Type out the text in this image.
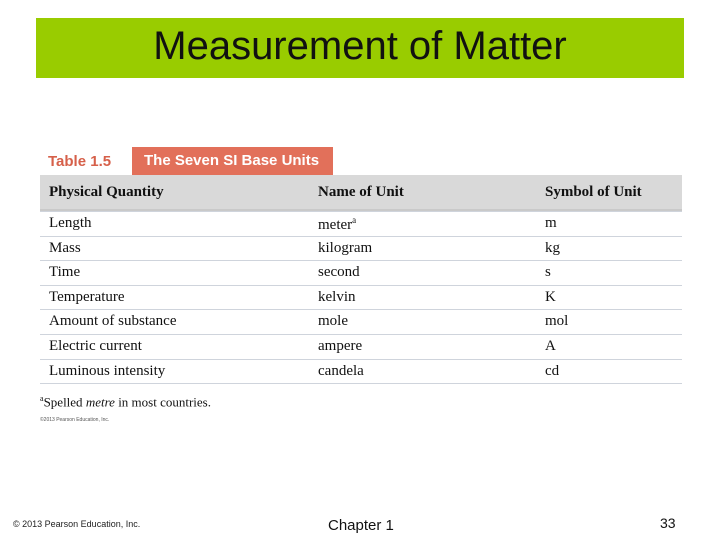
Measurement of Matter
Table 1.5	The Seven SI Base Units
Physical Quantity	Name of Unit	Symbol of Unit
Length	meter$^a$	m
Mass	kilogram	kg
Time	second	s
Temperature	kelvin	K
Amount of substance	mole	mol
Electric current	ampere	A
Luminous intensity	candela	cd
$^a$Spelled metre in most countries.
©2013 Pearson Education, Inc.
© 2013 Pearson Education, Inc.	Chapter 1	33
